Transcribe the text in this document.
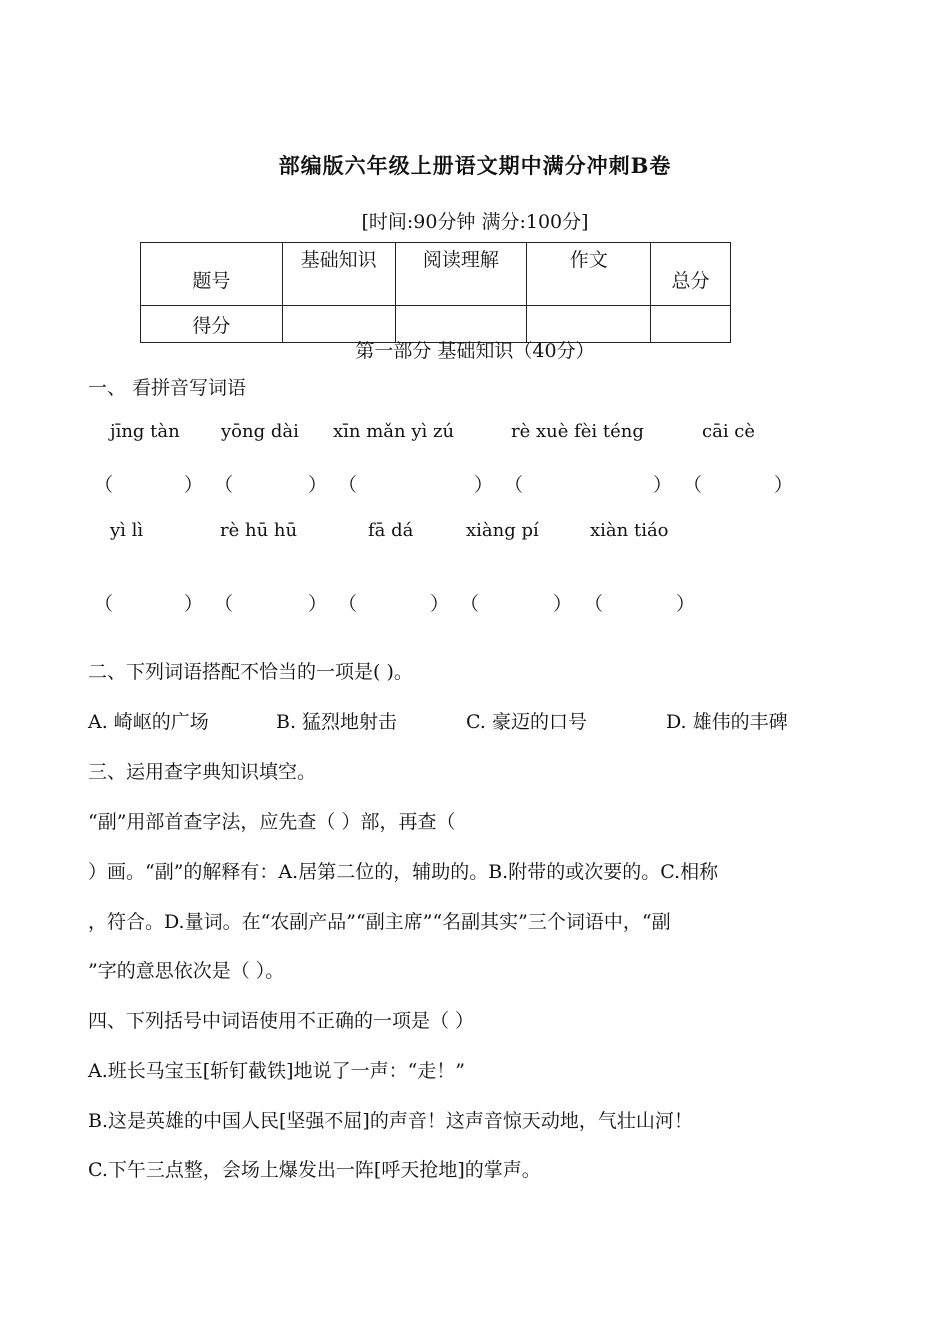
部编版六年级上册语文期中满分冲刺B卷
[时间:90分钟 满分:100分]
题号	基础知识	阅读理解	作文	总分
得分				
第一部分 基础知识（40分）
一、 看拼音写词语
jīng tàn yōng dài xīn mǎn yì zú	rè xuè fèi téng	cāi cè
（	） （	） （	） （	） （	）
yì lì	rè hū hū	fā dá	xiàng pí	xiàn tiáo
（	） （	） （	） （	） （	）
二、下列词语搭配不恰当的一项是( )。
A. 崎岖的广场	B. 猛烈地射击	C. 豪迈的口号	D. 雄伟的丰碑
三、运用查字典知识填空。
“副”用部首查字法，应先查（ ）部，再查（
）画。“副”的解释有：A.居第二位的，辅助的。B.附带的或次要的。C.相称
，符合。D.量词。在“农副产品”“副主席”“名副其实”三个词语中，“副
”字的意思依次是（ ）。
四、下列括号中词语使用不正确的一项是（ ）
A.班长马宝玉[斩钉截铁]地说了一声：“走！”
B.这是英雄的中国人民[坚强不屈]的声音！这声音惊天动地，气壮山河！
C.下午三点整，会场上爆发出一阵[呼天抢地]的掌声。
